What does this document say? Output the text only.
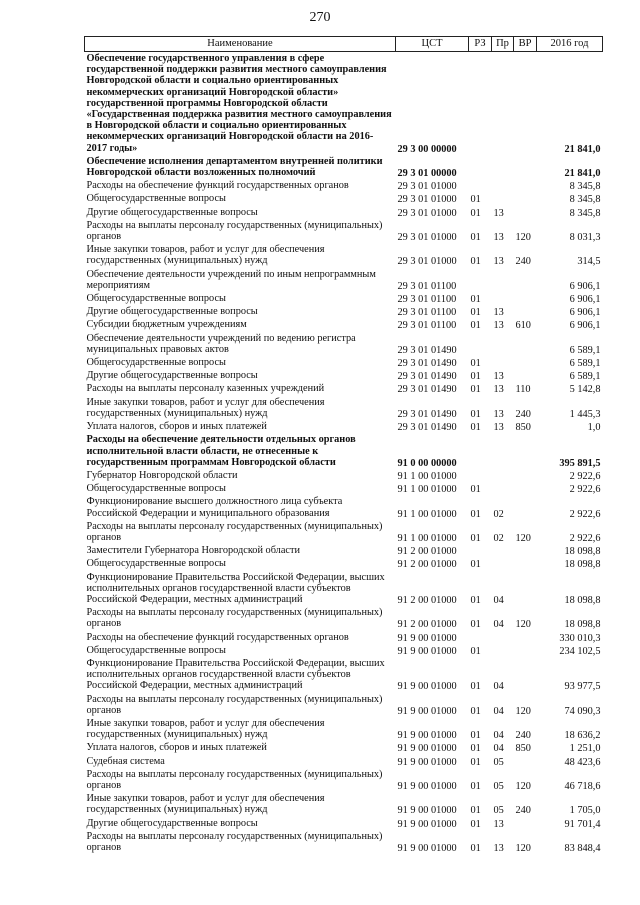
270
Наименование	ЦСТ	РЗ	Пр	ВР	2016 год
Обеспечение государственного управления в сфере государственной поддержки развития местного самоуправления Новгородской области и социально ориентированных некоммерческих организаций Новгородской области» государственной программы Новгородской области «Государственная поддержка развития местного самоуправления в Новгородской области и социально ориентированных некоммерческих организаций Новгородской области на 2016-2017 годы»	29 3 00 00000				21 841,0
Обеспечение исполнения департаментом внутренней политики Новгородской области возложенных полномочий	29 3 01 00000				21 841,0
Расходы на обеспечение функций государственных органов	29 3 01 01000				8 345,8
Общегосударственные вопросы	29 3 01 01000	01			8 345,8
Другие общегосударственные вопросы	29 3 01 01000	01	13		8 345,8
Расходы на выплаты персоналу государственных (муниципальных) органов	29 3 01 01000	01	13	120	8 031,3
Иные закупки товаров, работ и услуг для обеспечения государственных (муниципальных) нужд	29 3 01 01000	01	13	240	314,5
Обеспечение деятельности учреждений по иным непрограммным мероприятиям	29 3 01 01100				6 906,1
Общегосударственные вопросы	29 3 01 01100	01			6 906,1
Другие общегосударственные вопросы	29 3 01 01100	01	13		6 906,1
Субсидии бюджетным учреждениям	29 3 01 01100	01	13	610	6 906,1
Обеспечение деятельности учреждений по ведению регистра муниципальных правовых актов	29 3 01 01490				6 589,1
Общегосударственные вопросы	29 3 01 01490	01			6 589,1
Другие общегосударственные вопросы	29 3 01 01490	01	13		6 589,1
Расходы на выплаты персоналу казенных учреждений	29 3 01 01490	01	13	110	5 142,8
Иные закупки товаров, работ и услуг для обеспечения государственных (муниципальных) нужд	29 3 01 01490	01	13	240	1 445,3
Уплата налогов, сборов и иных платежей	29 3 01 01490	01	13	850	1,0
Расходы на обеспечение деятельности отдельных органов исполнительной власти области, не отнесенные к государственным программам Новгородской области	91 0 00 00000				395 891,5
Губернатор Новгородской области	91 1 00 01000				2 922,6
Общегосударственные вопросы	91 1 00 01000	01			2 922,6
Функционирование высшего должностного лица субъекта Российской Федерации и муниципального образования	91 1 00 01000	01	02		2 922,6
Расходы на выплаты персоналу государственных (муниципальных) органов	91 1 00 01000	01	02	120	2 922,6
Заместители Губернатора Новгородской области	91 2 00 01000				18 098,8
Общегосударственные вопросы	91 2 00 01000	01			18 098,8
Функционирование Правительства Российской Федерации, высших исполнительных органов государственной власти субъектов Российской Федерации, местных администраций	91 2 00 01000	01	04		18 098,8
Расходы на выплаты персоналу государственных (муниципальных) органов	91 2 00 01000	01	04	120	18 098,8
Расходы на обеспечение функций государственных органов	91 9 00 01000				330 010,3
Общегосударственные вопросы	91 9 00 01000	01			234 102,5
Функционирование Правительства Российской Федерации, высших исполнительных органов государственной власти субъектов Российской Федерации, местных администраций	91 9 00 01000	01	04		93 977,5
Расходы на выплаты персоналу государственных (муниципальных) органов	91 9 00 01000	01	04	120	74 090,3
Иные закупки товаров, работ и услуг для обеспечения государственных (муниципальных) нужд	91 9 00 01000	01	04	240	18 636,2
Уплата налогов, сборов и иных платежей	91 9 00 01000	01	04	850	1 251,0
Судебная система	91 9 00 01000	01	05		48 423,6
Расходы на выплаты персоналу государственных (муниципальных) органов	91 9 00 01000	01	05	120	46 718,6
Иные закупки товаров, работ и услуг для обеспечения государственных (муниципальных) нужд	91 9 00 01000	01	05	240	1 705,0
Другие общегосударственные вопросы	91 9 00 01000	01	13		91 701,4
Расходы на выплаты персоналу государственных (муниципальных) органов	91 9 00 01000	01	13	120	83 848,4
